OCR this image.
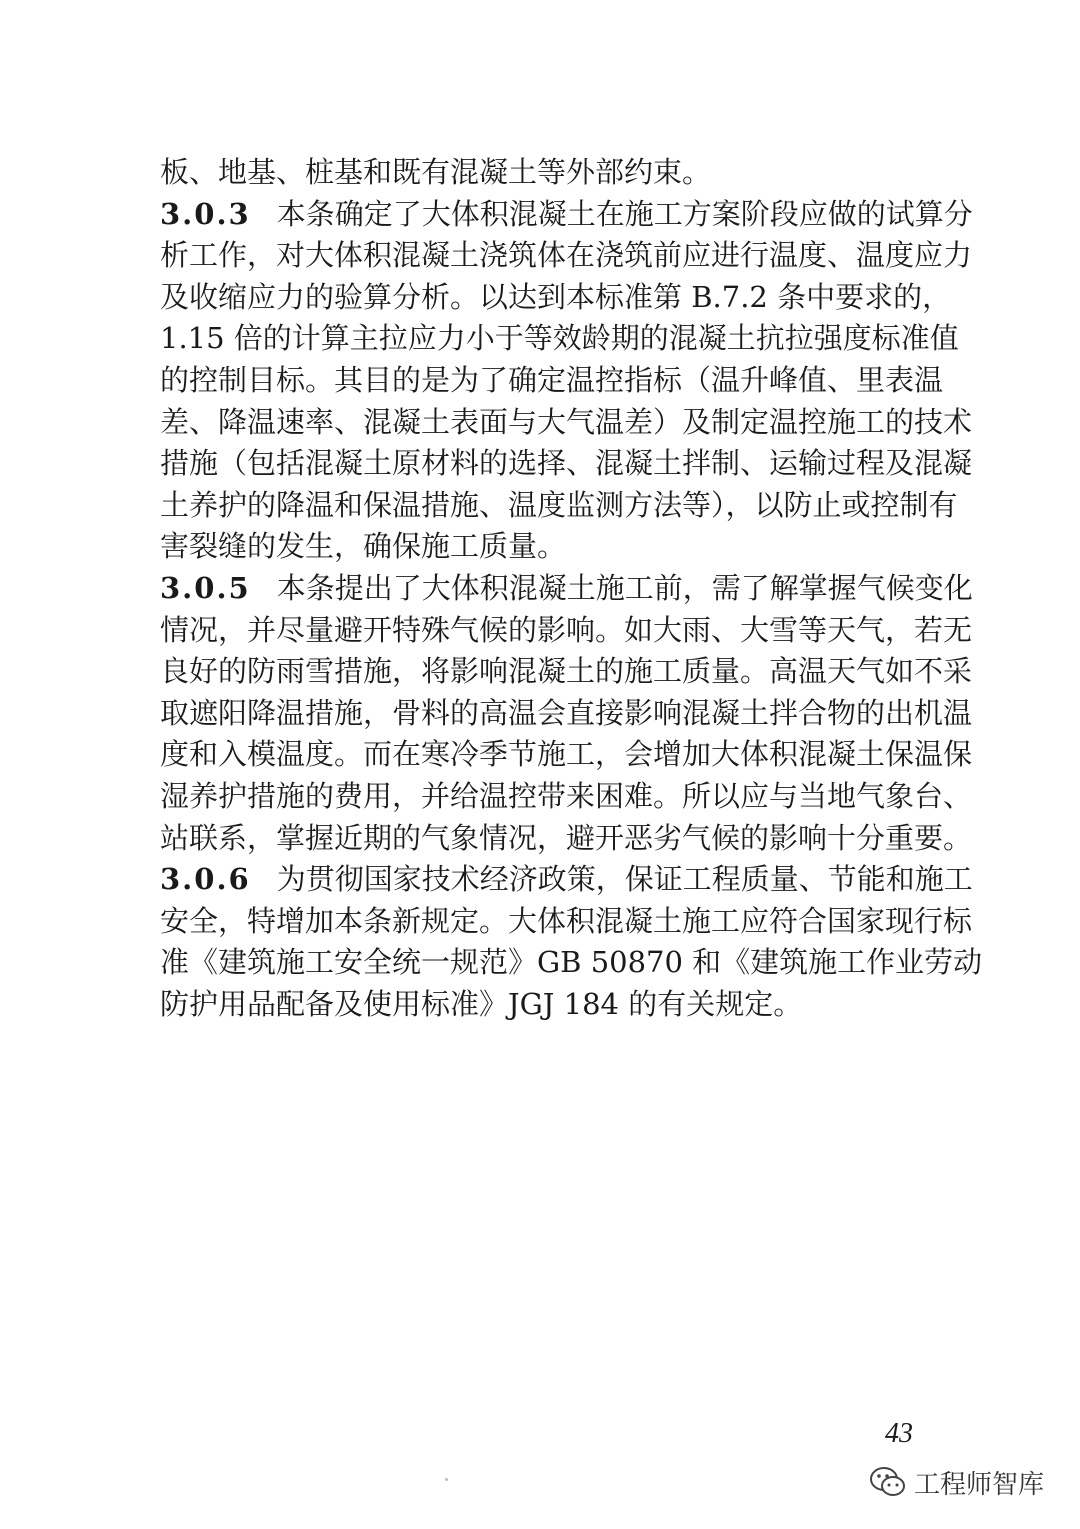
板、地基、桩基和既有混凝土等外部约束。
3.0.3 本条确定了大体积混凝土在施工方案阶段应做的试算分
析工作，对大体积混凝土浇筑体在浇筑前应进行温度、温度应力
及收缩应力的验算分析。以达到本标准第 B.7.2 条中要求的，
1.15 倍的计算主拉应力小于等效龄期的混凝土抗拉强度标准值
的控制目标。其目的是为了确定温控指标（温升峰值、里表温
差、降温速率、混凝土表面与大气温差）及制定温控施工的技术
措施（包括混凝土原材料的选择、混凝土拌制、运输过程及混凝
土养护的降温和保温措施、温度监测方法等），以防止或控制有
害裂缝的发生，确保施工质量。
3.0.5 本条提出了大体积混凝土施工前，需了解掌握气候变化
情况，并尽量避开特殊气候的影响。如大雨、大雪等天气，若无
良好的防雨雪措施，将影响混凝土的施工质量。高温天气如不采
取遮阳降温措施，骨料的高温会直接影响混凝土拌合物的出机温
度和入模温度。而在寒冷季节施工，会增加大体积混凝土保温保
湿养护措施的费用，并给温控带来困难。所以应与当地气象台、
站联系，掌握近期的气象情况，避开恶劣气候的影响十分重要。
3.0.6 为贯彻国家技术经济政策，保证工程质量、节能和施工
安全，特增加本条新规定。大体积混凝土施工应符合国家现行标
准《建筑施工安全统一规范》GB 50870 和《建筑施工作业劳动
防护用品配备及使用标准》JGJ 184 的有关规定。
43
工程师智库
